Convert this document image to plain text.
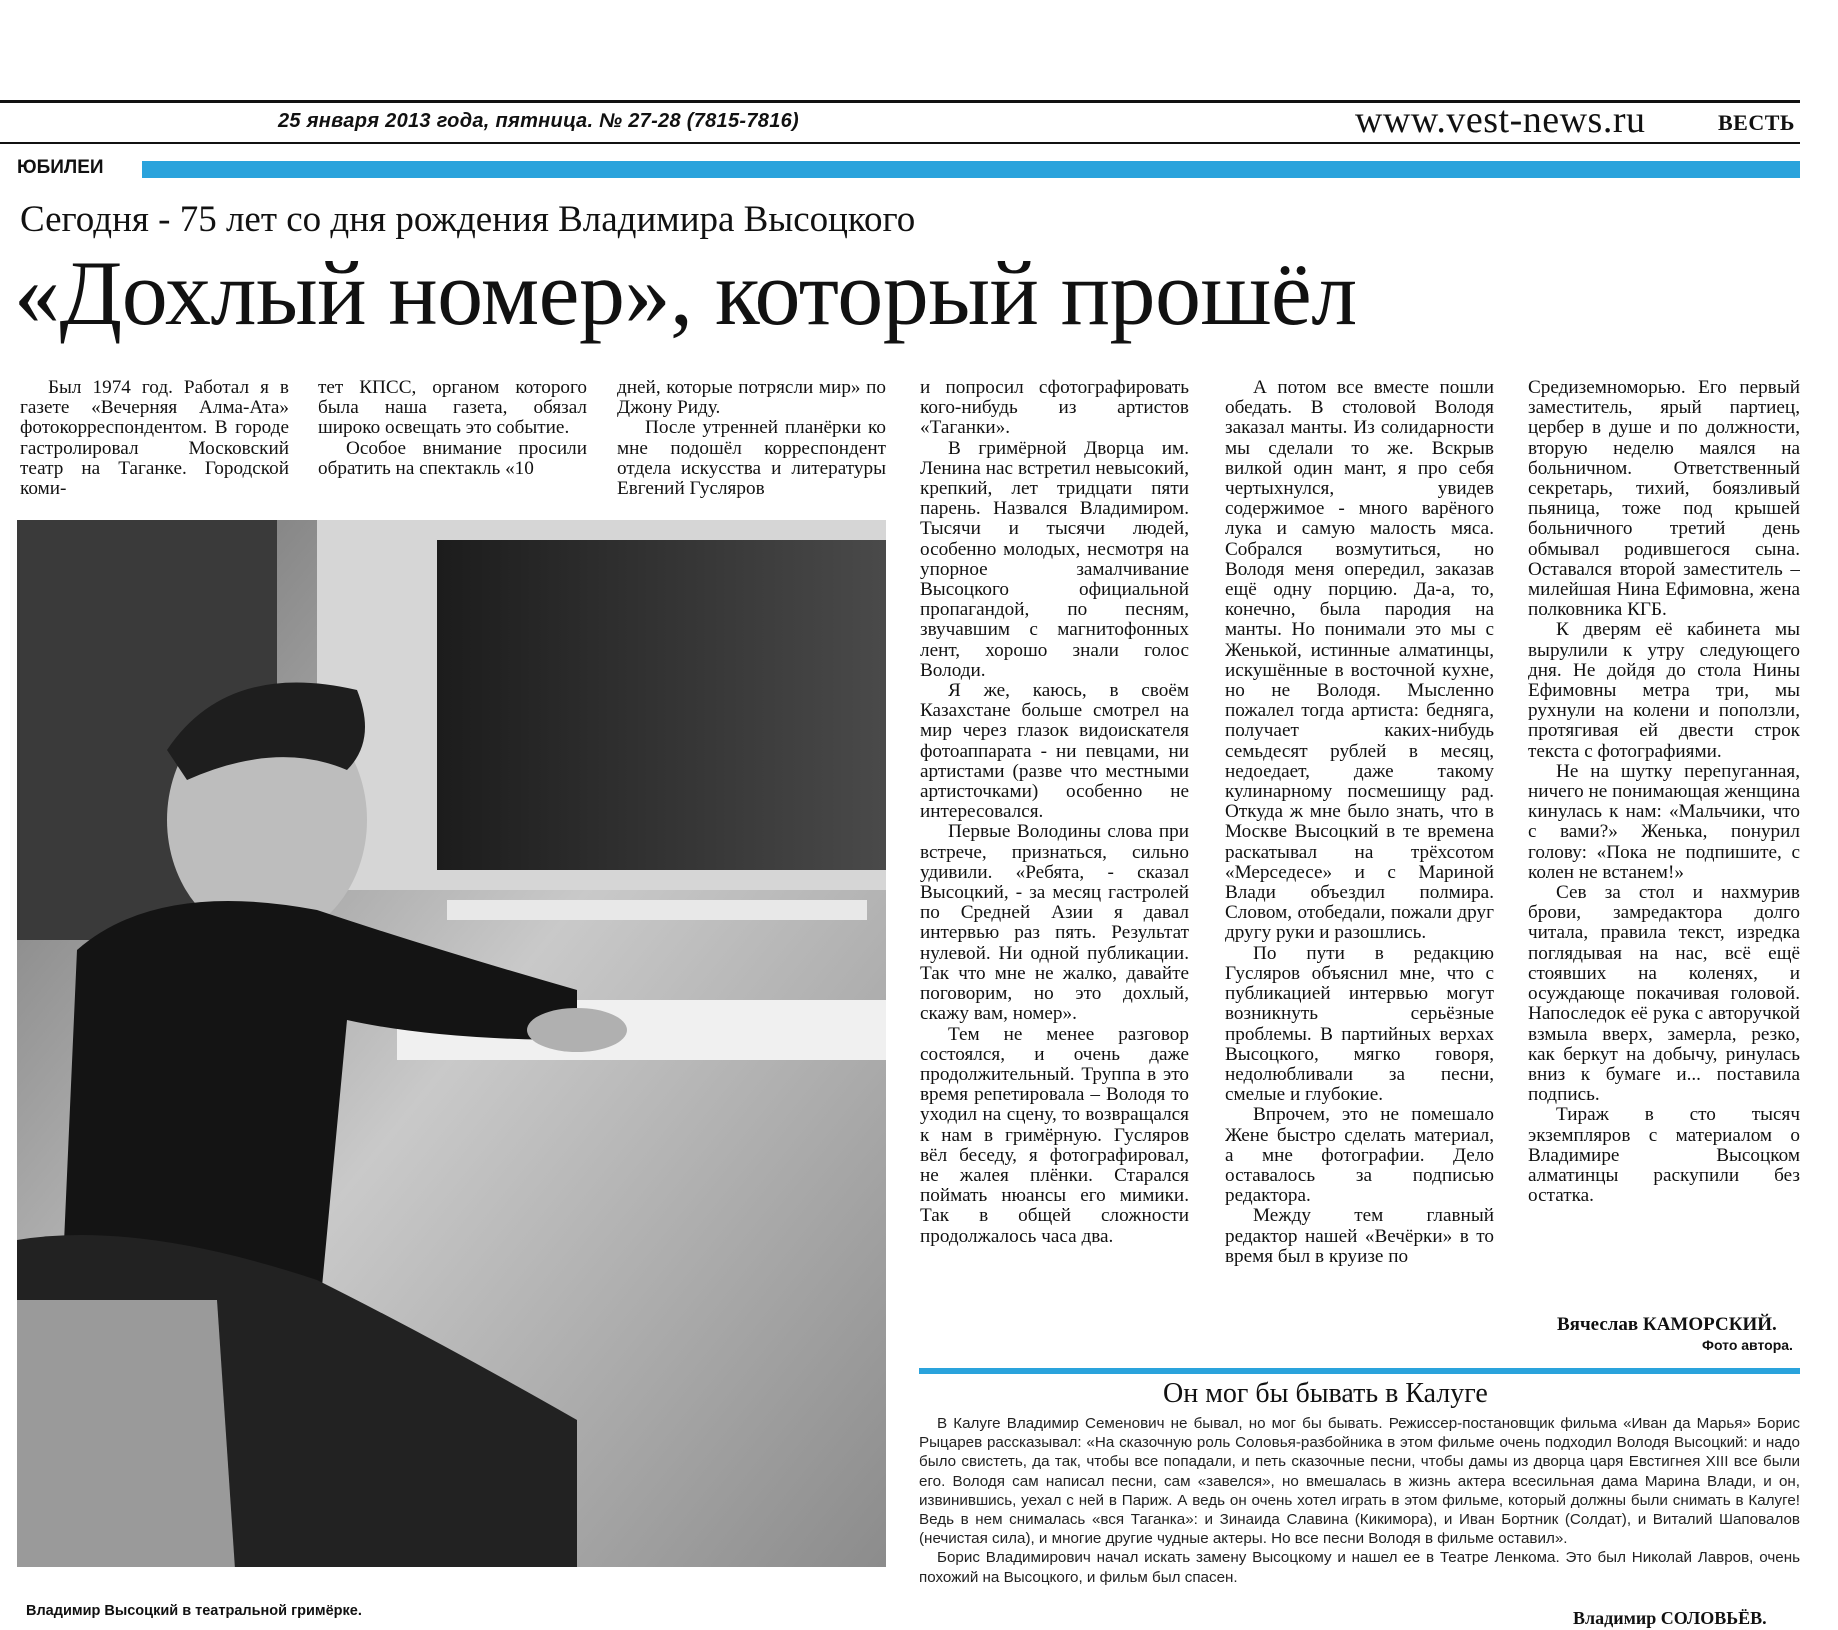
25 января 2013 года, пятница. № 27-28 (7815-7816)	www.vest-news.ru	ВЕСТЬ
ЮБИЛЕИ
Сегодня - 75 лет со дня рождения Владимира Высоцкого
«Дохлый номер», который прошёл

Был 1974 год. Работал я в газете «Вечерняя Алма-Ата» фотокорреспондентом. В городе гастролировал Московский театр на Таганке. Городской коми-

тет КПСС, органом которого была наша газета, обязал широко освещать это событие.

Особое внимание просили обратить на спектакль «10

дней, которые потрясли мир» по Джону Риду.

После утренней планёрки ко мне подошёл корреспондент отдела искусства и литературы Евгений Гусляров

Владимир Высоцкий в театральной гримёрке.

и попросил сфотографировать кого-нибудь из артистов «Таганки».

В гримёрной Дворца им. Ленина нас встретил невысокий, крепкий, лет тридцати пяти парень. Назвался Владимиром. Тысячи и тысячи людей, особенно молодых, несмотря на упорное замалчивание Высоцкого официальной пропагандой, по песням, звучавшим с магнитофонных лент, хорошо знали голос Володи.

Я же, каюсь, в своём Казахстане больше смотрел на мир через глазок видоискателя фотоаппарата - ни певцами, ни артистами (разве что местными артисточками) особенно не интересовался.

Первые Володины слова при встрече, признаться, сильно удивили. «Ребята, - сказал Высоцкий, - за месяц гастролей по Средней Азии я давал интервью раз пять. Результат нулевой. Ни одной публикации. Так что мне не жалко, давайте поговорим, но это дохлый, скажу вам, номер».

Тем не менее разговор состоялся, и очень даже продолжительный. Труппа в это время репетировала – Володя то уходил на сцену, то возвращался к нам в гримёрную. Гусляров вёл беседу, я фотографировал, не жалея плёнки. Старался поймать нюансы его мимики. Так в общей сложности продолжалось часа два.

А потом все вместе пошли обедать. В столовой Володя заказал манты. Из солидарности мы сделали то же. Вскрыв вилкой один мант, я про себя чертыхнулся, увидев содержимое - много варёного лука и самую малость мяса. Собрался возмутиться, но Володя меня опередил, заказав ещё одну порцию. Да-а, то, конечно, была пародия на манты. Но понимали это мы с Женькой, истинные алматинцы, искушённые в восточной кухне, но не Володя. Мысленно пожалел тогда артиста: бедняга, получает каких-нибудь семьдесят рублей в месяц, недоедает, даже такому кулинарному посмешищу рад. Откуда ж мне было знать, что в Москве Высоцкий в те времена раскатывал на трёхсотом «Мерседесе» и с Мариной Влади объездил полмира. Словом, отобедали, пожали друг другу руки и разошлись.

По пути в редакцию Гусляров объяснил мне, что с публикацией интервью могут возникнуть серьёзные проблемы. В партийных верхах Высоцкого, мягко говоря, недолюбливали за песни, смелые и глубокие.

Впрочем, это не помешало Жене быстро сделать материал, а мне фотографии. Дело оставалось за подписью редактора.

Между тем главный редактор нашей «Вечёрки» в то время был в круизе по

Средиземноморью. Его первый заместитель, ярый партиец, цербер в душе и по должности, вторую неделю маялся на больничном. Ответственный секретарь, тихий, боязливый пьяница, тоже под крышей больничного третий день обмывал родившегося сына. Оставался второй заместитель – милейшая Нина Ефимовна, жена полковника КГБ.

К дверям её кабинета мы вырулили к утру следующего дня. Не дойдя до стола Нины Ефимовны метра три, мы рухнули на колени и поползли, протягивая ей двести строк текста с фотографиями.

Не на шутку перепуганная, ничего не понимающая женщина кинулась к нам: «Мальчики, что с вами?» Женька, понурил голову: «Пока не подпишите, с колен не встанем!»

Сев за стол и нахмурив брови, замредактора долго читала, правила текст, изредка поглядывая на нас, всё ещё стоявших на коленях, и осуждающе покачивая головой. Напоследок её рука с авторучкой взмыла вверх, замерла, резко, как беркут на добычу, ринулась вниз к бумаге и... поставила подпись.

Тираж в сто тысяч экземпляров с материалом о Владимире Высоцком алматинцы раскупили без остатка.

Вячеслав КАМОРСКИЙ.
Фото автора.
Он мог бы бывать в Калуге

В Калуге Владимир Семенович не бывал, но мог бы бывать. Режиссер-постановщик фильма «Иван да Марья» Борис Рыцарев рассказывал: «На сказочную роль Соловья-разбойника в этом фильме очень подходил Володя Высоцкий: и надо было свистеть, да так, чтобы все попадали, и петь сказочные песни, чтобы дамы из дворца царя Евстигнея XIII все были его. Володя сам написал песни, сам «завелся», но вмешалась в жизнь актера всесильная дама Марина Влади, и он, извинившись, уехал с ней в Париж. А ведь он очень хотел играть в этом фильме, который должны были снимать в Калуге! Ведь в нем снималась «вся Таганка»: и Зинаида Славина (Кикимора), и Иван Бортник (Солдат), и Виталий Шаповалов (нечистая сила), и многие другие чудные актеры. Но все песни Володя в фильме оставил».

Борис Владимирович начал искать замену Высоцкому и нашел ее в Театре Ленкома. Это был Николай Лавров, очень похожий на Высоцкого, и фильм был спасен.

Владимир СОЛОВЬЁВ.
